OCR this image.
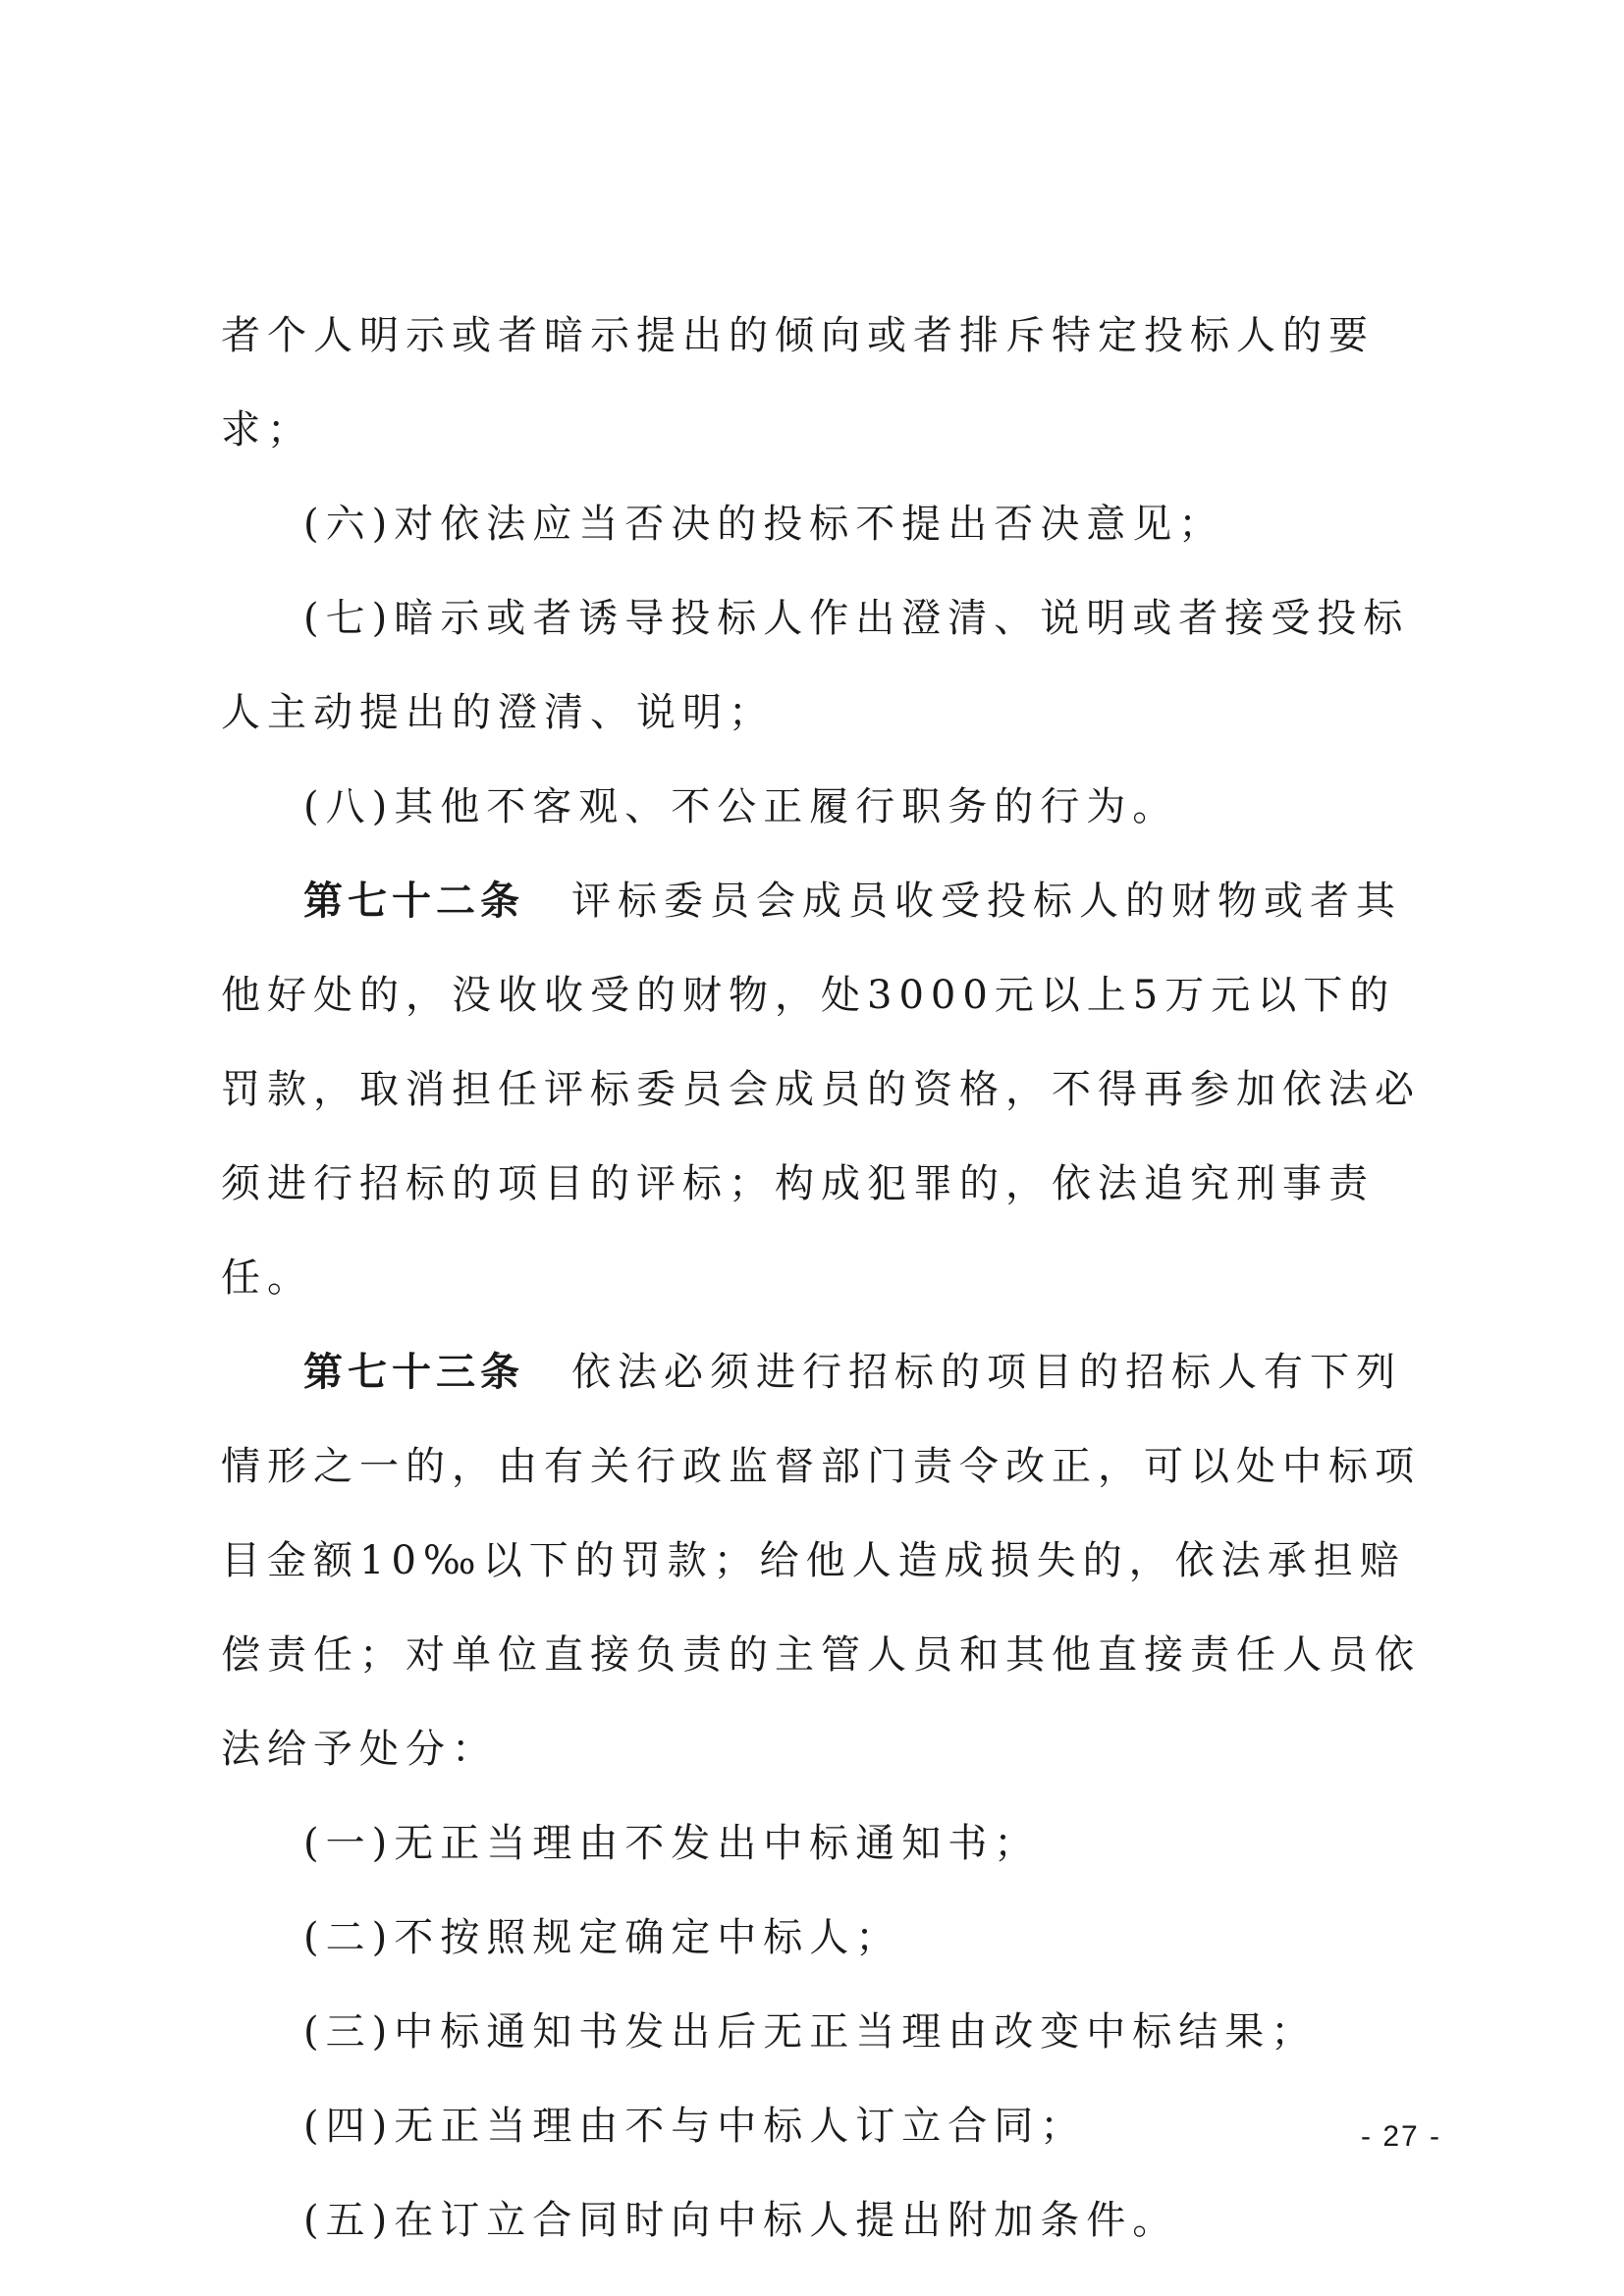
者个人明示或者暗示提出的倾向或者排斥特定投标人的要求；

(六)对依法应当否决的投标不提出否决意见；

(七)暗示或者诱导投标人作出澄清、说明或者接受投标人主动提出的澄清、说明；

(八)其他不客观、不公正履行职务的行为。

第七十二条 评标委员会成员收受投标人的财物或者其他好处的，没收收受的财物，处3000元以上5万元以下的罚款，取消担任评标委员会成员的资格，不得再参加依法必须进行招标的项目的评标；构成犯罪的，依法追究刑事责任。

第七十三条 依法必须进行招标的项目的招标人有下列情形之一的，由有关行政监督部门责令改正，可以处中标项目金额10‰以下的罚款；给他人造成损失的，依法承担赔偿责任；对单位直接负责的主管人员和其他直接责任人员依法给予处分：

(一)无正当理由不发出中标通知书；

(二)不按照规定确定中标人；

(三)中标通知书发出后无正当理由改变中标结果；

(四)无正当理由不与中标人订立合同；

(五)在订立合同时向中标人提出附加条件。

- 27 -
